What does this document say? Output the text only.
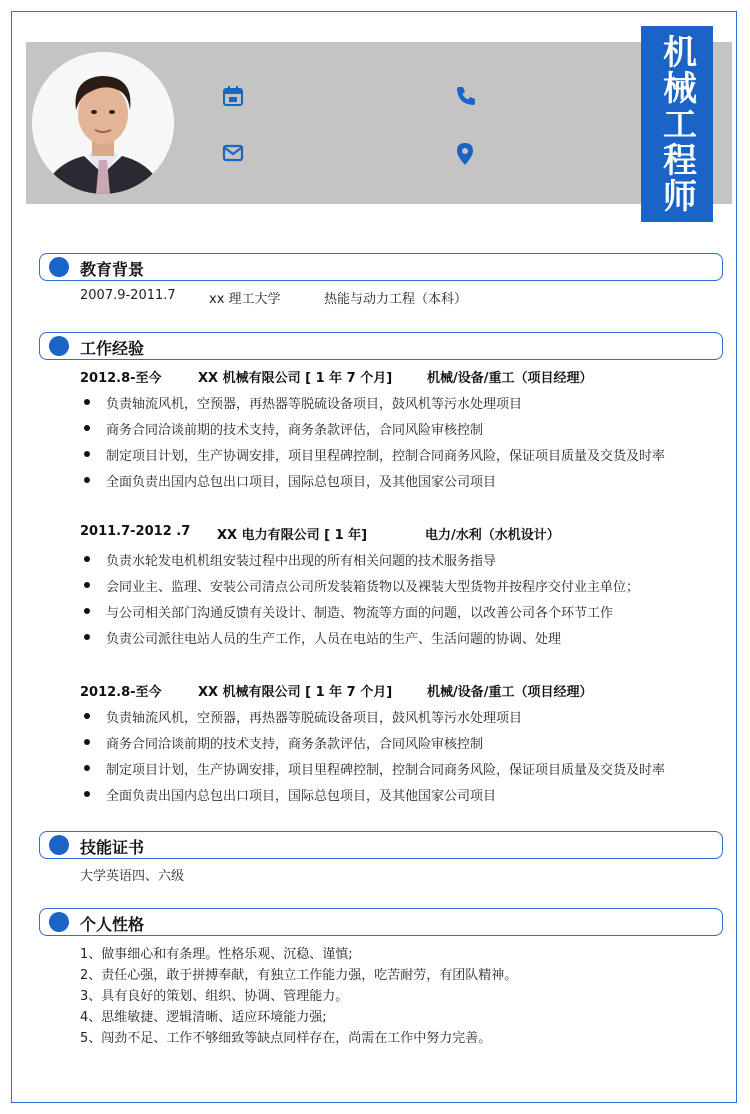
机械工程师
教育背景
2007.9-2011.7	xx 理工大学	热能与动力工程（本科）
工作经验
2012.8-至今	XX 机械有限公司 [ 1 年 7 个月]	机械/设备/重工（项目经理）
负责轴流风机，空预器，再热器等脱硫设备项目，鼓风机等污水处理项目
商务合同洽谈前期的技术支持，商务条款评估，合同风险审核控制
制定项目计划，生产协调安排，项目里程碑控制，控制合同商务风险，保证项目质量及交货及时率
全面负责出国内总包出口项目，国际总包项目，及其他国家公司项目
2011.7-2012 .7 XX 电力有限公司 [ 1 年]	电力/水利（水机设计）
负责水轮发电机机组安装过程中出现的所有相关问题的技术服务指导
会同业主、监理、安装公司清点公司所发装箱货物以及裸装大型货物并按程序交付业主单位；
与公司相关部门沟通反馈有关设计、制造、物流等方面的问题，以改善公司各个环节工作
负责公司派往电站人员的生产工作，人员在电站的生产、生活问题的协调、处理
2012.8-至今	XX 机械有限公司 [ 1 年 7 个月]	机械/设备/重工（项目经理）
负责轴流风机，空预器，再热器等脱硫设备项目，鼓风机等污水处理项目
商务合同洽谈前期的技术支持，商务条款评估，合同风险审核控制
制定项目计划，生产协调安排，项目里程碑控制，控制合同商务风险，保证项目质量及交货及时率
全面负责出国内总包出口项目，国际总包项目，及其他国家公司项目
技能证书
大学英语四、六级
个人性格
1、做事细心和有条理。性格乐观、沉稳、谨慎;
2、责任心强，敢于拼搏奉献，有独立工作能力强，吃苦耐劳，有团队精神。
3、具有良好的策划、组织、协调、管理能力。
4、思维敏捷、逻辑清晰、适应环境能力强;
5、闯劲不足、工作不够细致等缺点同样存在，尚需在工作中努力完善。
